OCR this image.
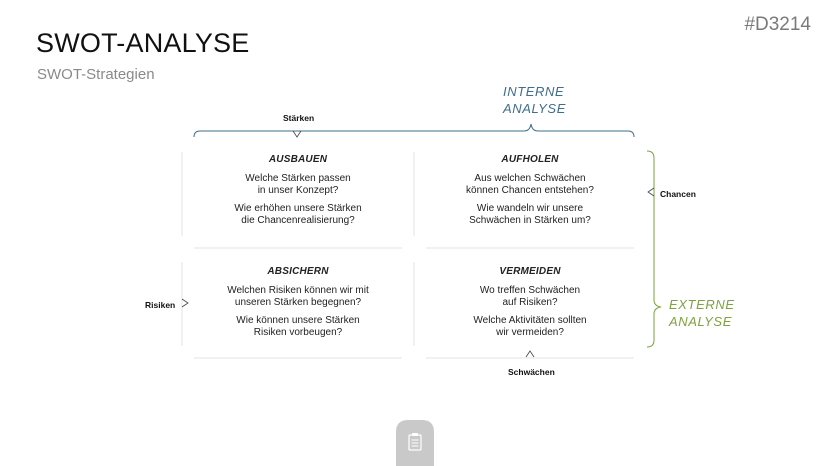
SWOT-ANALYSE
SWOT-Strategien
#D3214
INTERNE
ANALYSE
EXTERNE
ANALYSE
Stärken
Chancen
Risiken
Schwächen
AUSBAUEN
Welche Stärken passen
in unser Konzept?
Wie erhöhen unsere Stärken
die Chancenrealisierung?
AUFHOLEN
Aus welchen Schwächen
können Chancen entstehen?
Wie wandeln wir unsere
Schwächen in Stärken um?
ABSICHERN
Welchen Risiken können wir mit
unseren Stärken begegnen?
Wie können unsere Stärken
Risiken vorbeugen?
VERMEIDEN
Wo treffen Schwächen
auf Risiken?
Welche Aktivitäten sollten
wir vermeiden?
